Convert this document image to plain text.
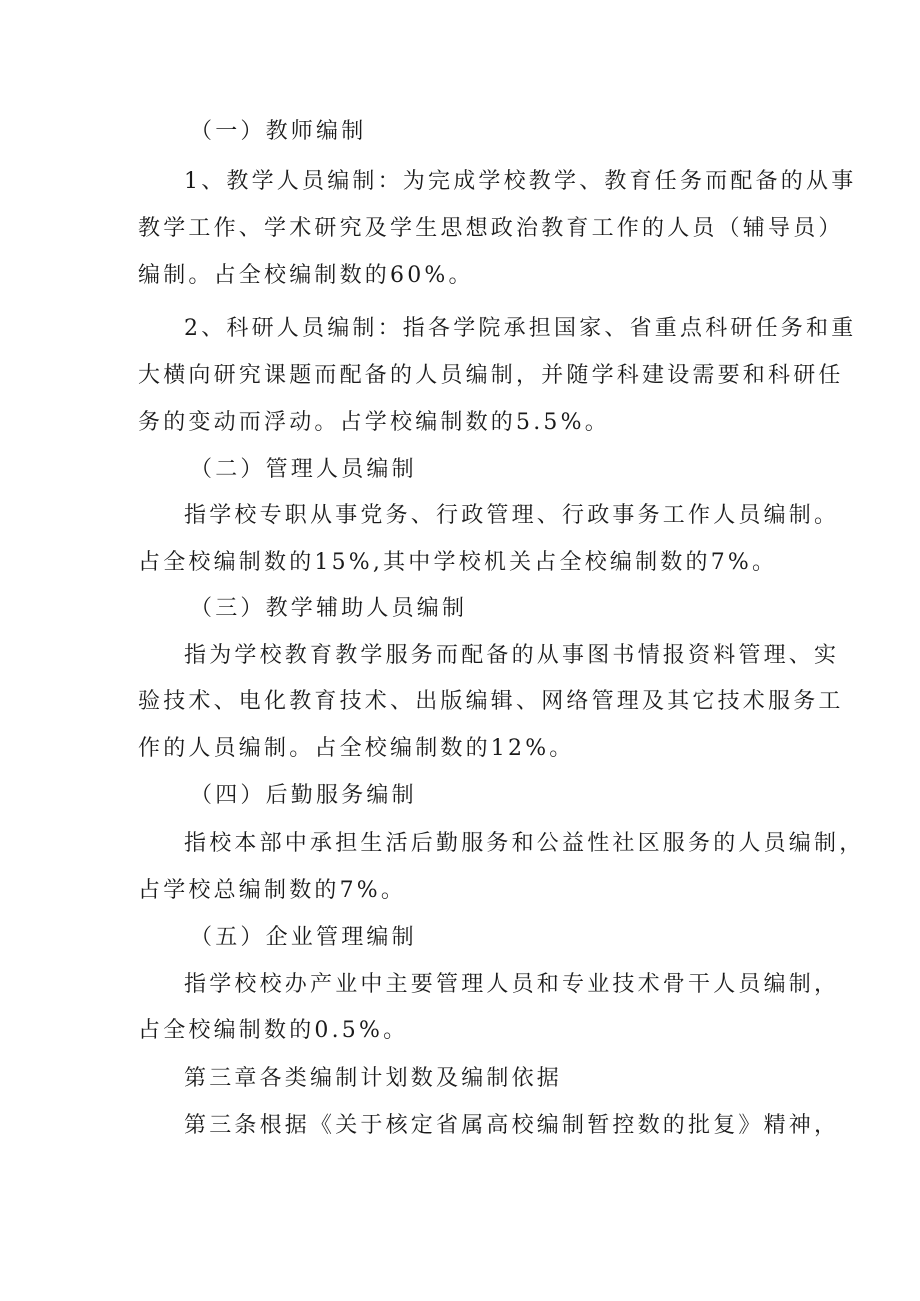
（一）教师编制
1、教学人员编制：为完成学校教学、教育任务而配备的从事
教学工作、学术研究及学生思想政治教育工作的人员（辅导员）
编制。占全校编制数的60%。
2、科研人员编制：指各学院承担国家、省重点科研任务和重
大横向研究课题而配备的人员编制，并随学科建设需要和科研任
务的变动而浮动。占学校编制数的5.5%。
（二）管理人员编制
指学校专职从事党务、行政管理、行政事务工作人员编制。
占全校编制数的15%,其中学校机关占全校编制数的7%。
（三）教学辅助人员编制
指为学校教育教学服务而配备的从事图书情报资料管理、实
验技术、电化教育技术、出版编辑、网络管理及其它技术服务工
作的人员编制。占全校编制数的12%。
（四）后勤服务编制
指校本部中承担生活后勤服务和公益性社区服务的人员编制，
占学校总编制数的7%。
（五）企业管理编制
指学校校办产业中主要管理人员和专业技术骨干人员编制，
占全校编制数的0.5%。
第三章各类编制计划数及编制依据
第三条根据《关于核定省属高校编制暂控数的批复》精神，
